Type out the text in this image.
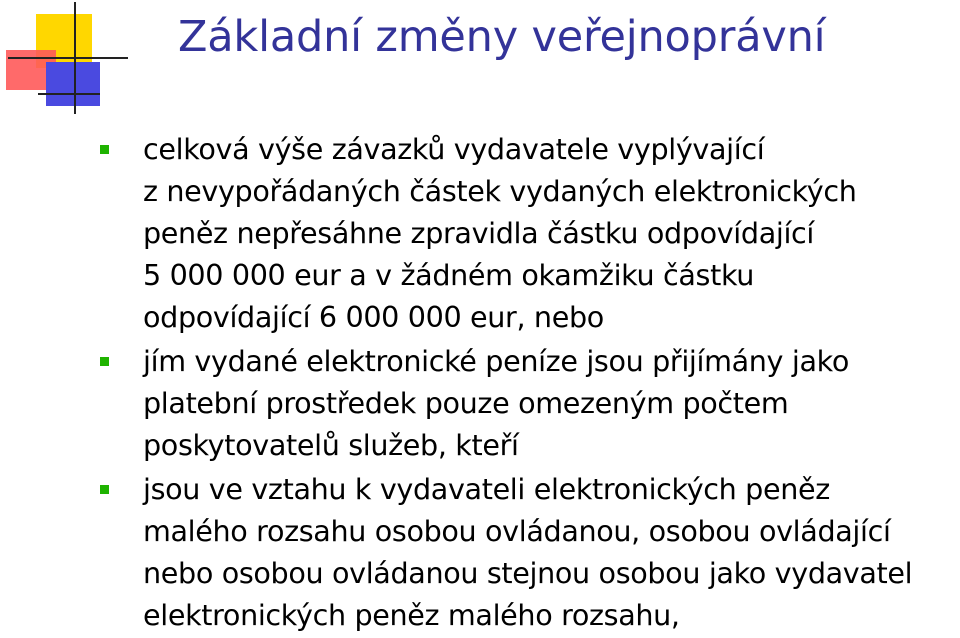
Základní změny veřejnoprávní
celková výše závazků vydavatele vyplývající
z nevypořádaných částek vydaných elektronických
peněz nepřesáhne zpravidla částku odpovídající
5 000 000 eur a v žádném okamžiku částku
odpovídající 6 000 000 eur, nebo
jím vydané elektronické peníze jsou přijímány jako
platební prostředek pouze omezeným počtem
poskytovatelů služeb, kteří
jsou ve vztahu k vydavateli elektronických peněz
malého rozsahu osobou ovládanou, osobou ovládající
nebo osobou ovládanou stejnou osobou jako vydavatel
elektronických peněz malého rozsahu,
